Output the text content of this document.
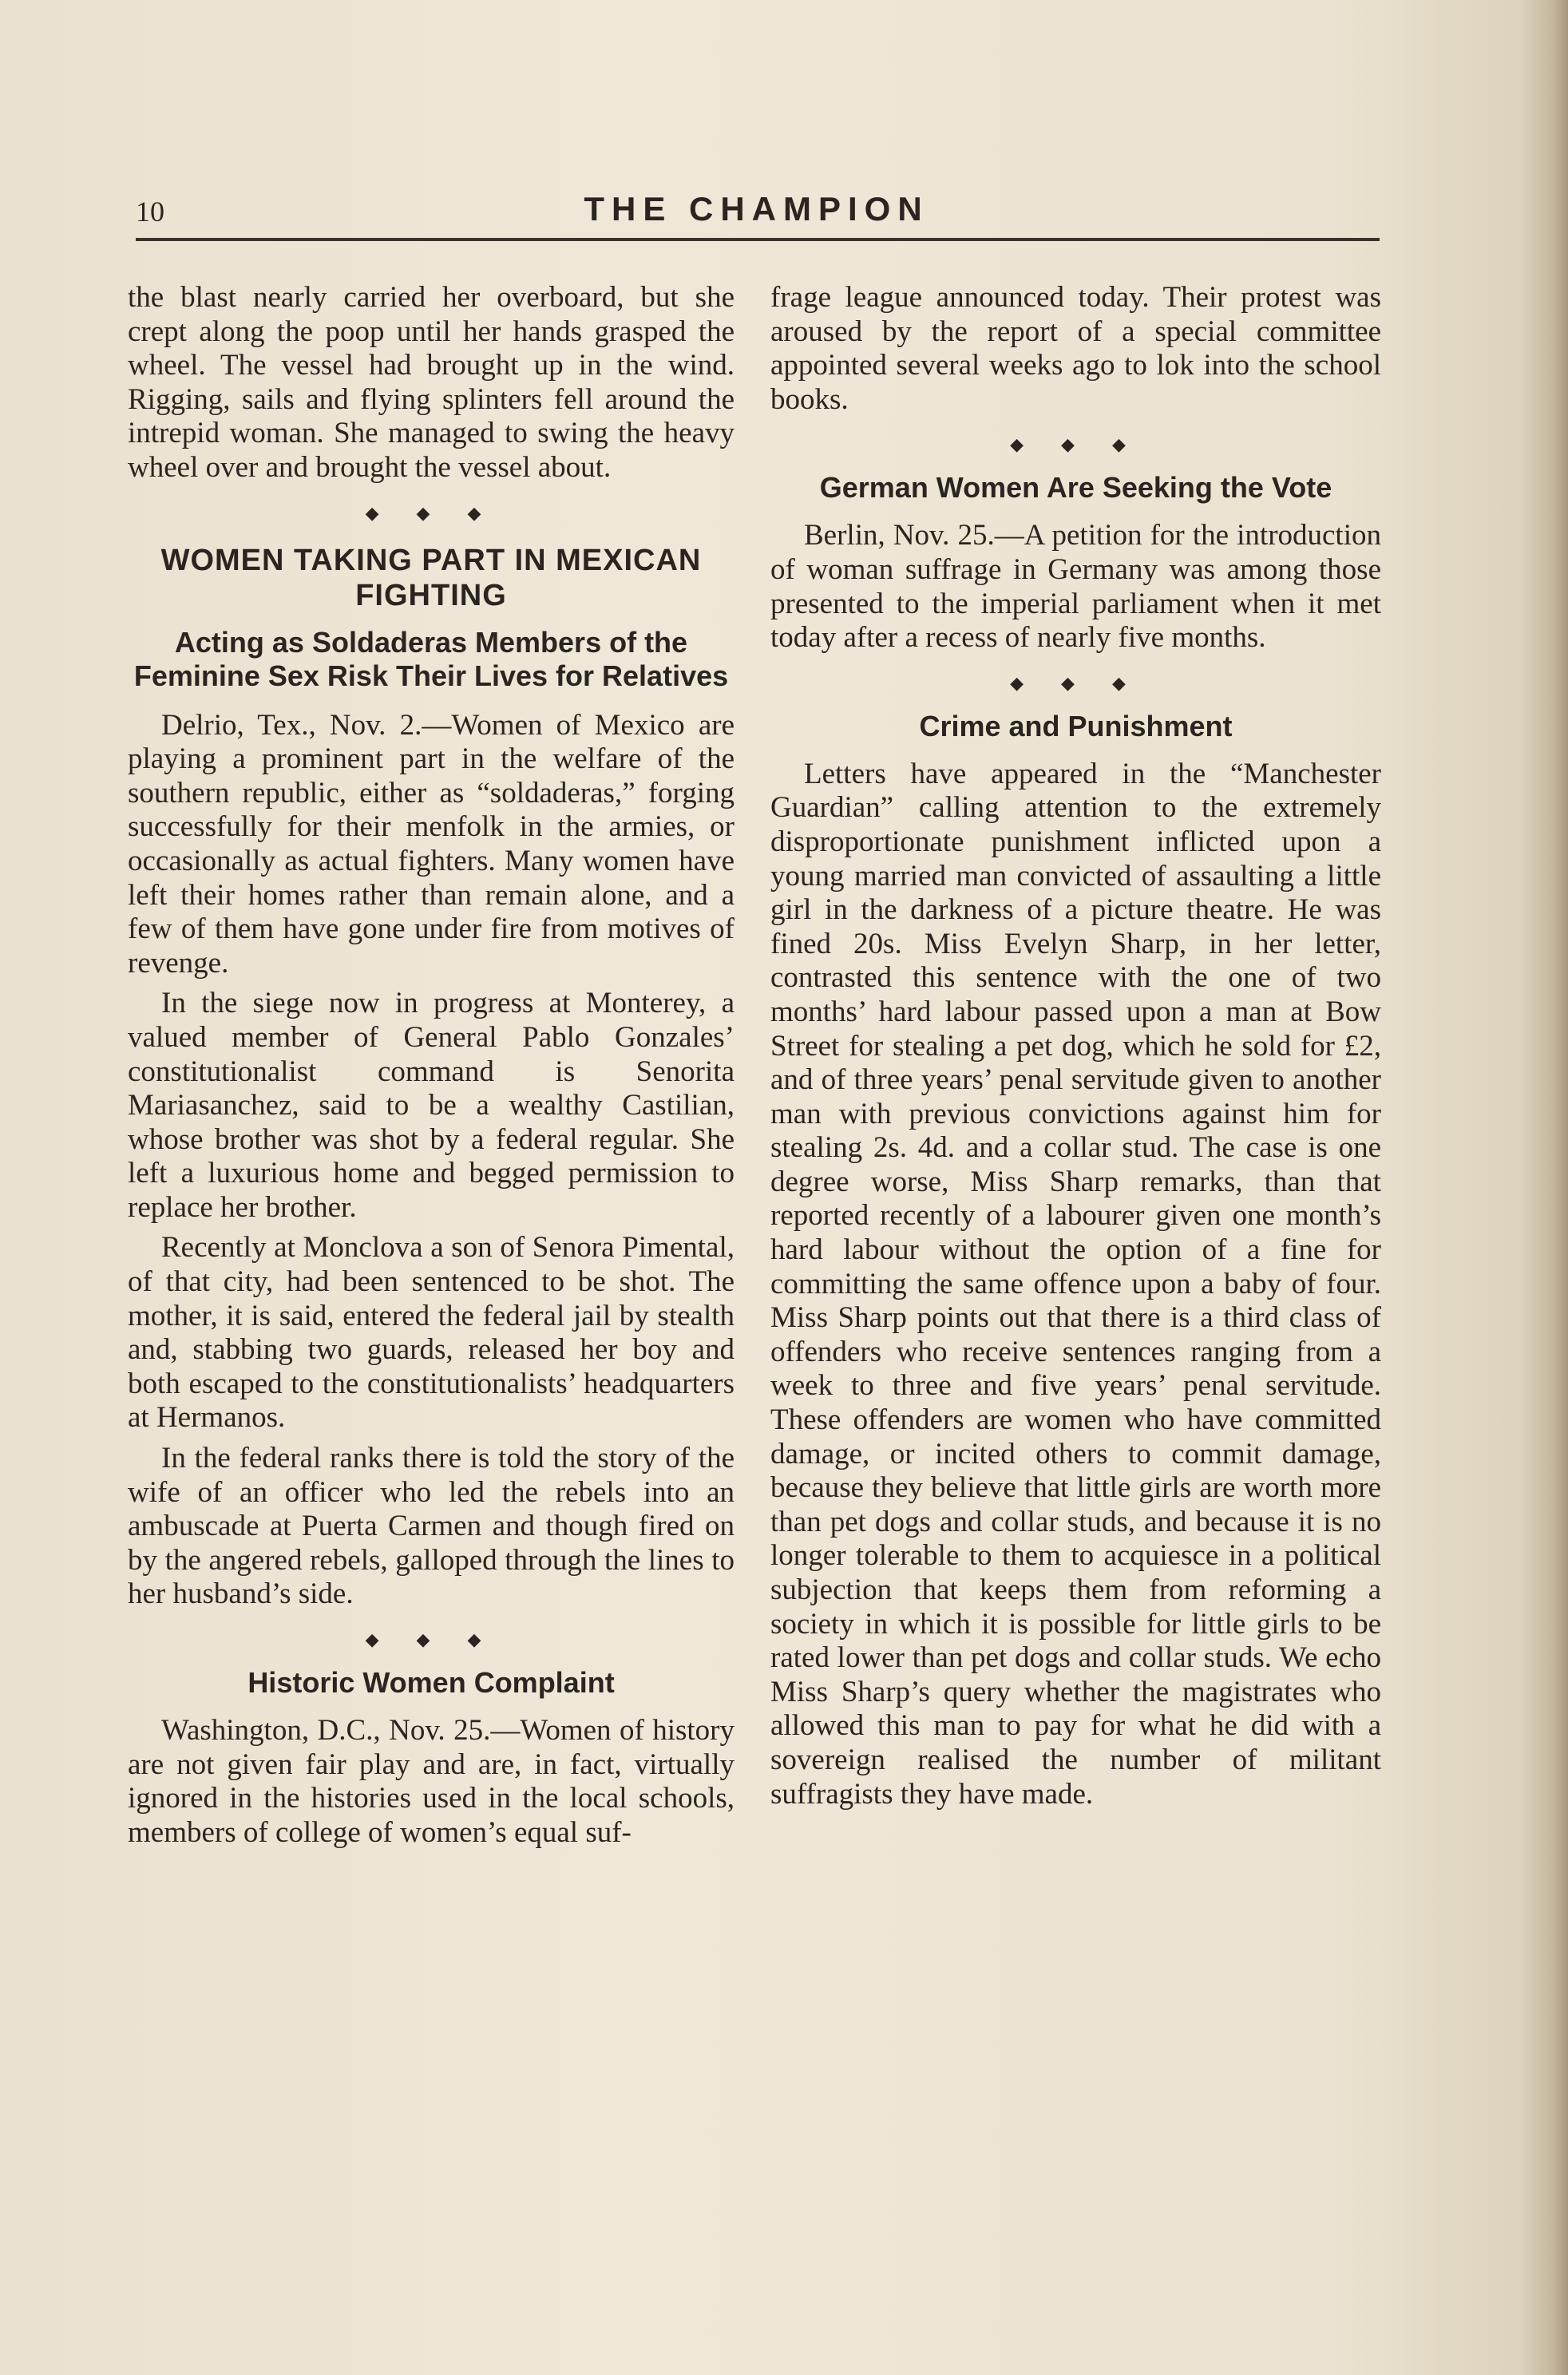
10	THE CHAMPION

the blast nearly carried her overboard, but she crept along the poop until her hands grasped the wheel. The vessel had brought up in the wind. Rigging, sails and flying splinters fell around the intrepid woman. She managed to swing the heavy wheel over and brought the vessel about.

◆ ◆ ◆
WOMEN TAKING PART IN MEXICAN FIGHTING
Acting as Soldaderas Members of the Feminine Sex Risk Their Lives for Relatives

Delrio, Tex., Nov. 2.—Women of Mexico are playing a prominent part in the welfare of the southern republic, either as “soldaderas,” forging successfully for their menfolk in the armies, or occasionally as actual fighters. Many women have left their homes rather than remain alone, and a few of them have gone under fire from motives of revenge.

In the siege now in progress at Monterey, a valued member of General Pablo Gonzales’ constitutionalist command is Senorita Mariasanchez, said to be a wealthy Castilian, whose brother was shot by a federal regular. She left a luxurious home and begged permission to replace her brother.

Recently at Monclova a son of Senora Pimental, of that city, had been sentenced to be shot. The mother, it is said, entered the federal jail by stealth and, stabbing two guards, released her boy and both escaped to the constitutionalists’ headquarters at Hermanos.

In the federal ranks there is told the story of the wife of an officer who led the rebels into an ambuscade at Puerta Carmen and though fired on by the angered rebels, galloped through the lines to her husband’s side.

◆ ◆ ◆
Historic Women Complaint

Washington, D.C., Nov. 25.—Women of history are not given fair play and are, in fact, virtually ignored in the histories used in the local schools, members of college of women’s equal suf-

frage league announced today. Their protest was aroused by the report of a special committee appointed several weeks ago to lok into the school books.

◆ ◆ ◆
German Women Are Seeking the Vote

Berlin, Nov. 25.—A petition for the introduction of woman suffrage in Germany was among those presented to the imperial parliament when it met today after a recess of nearly five months.

◆ ◆ ◆
Crime and Punishment

Letters have appeared in the “Manchester Guardian” calling attention to the extremely disproportionate punishment inflicted upon a young married man convicted of assaulting a little girl in the darkness of a picture theatre. He was fined 20s. Miss Evelyn Sharp, in her letter, contrasted this sentence with the one of two months’ hard labour passed upon a man at Bow Street for stealing a pet dog, which he sold for £2, and of three years’ penal servitude given to another man with previous convictions against him for stealing 2s. 4d. and a collar stud. The case is one degree worse, Miss Sharp remarks, than that reported recently of a labourer given one month’s hard labour without the option of a fine for committing the same offence upon a baby of four. Miss Sharp points out that there is a third class of offenders who receive sentences ranging from a week to three and five years’ penal servitude. These offenders are women who have committed damage, or incited others to commit damage, because they believe that little girls are worth more than pet dogs and collar studs, and because it is no longer tolerable to them to acquiesce in a political subjection that keeps them from reforming a society in which it is possible for little girls to be rated lower than pet dogs and collar studs. We echo Miss Sharp’s query whether the magistrates who allowed this man to pay for what he did with a sovereign realised the number of militant suffragists they have made.
